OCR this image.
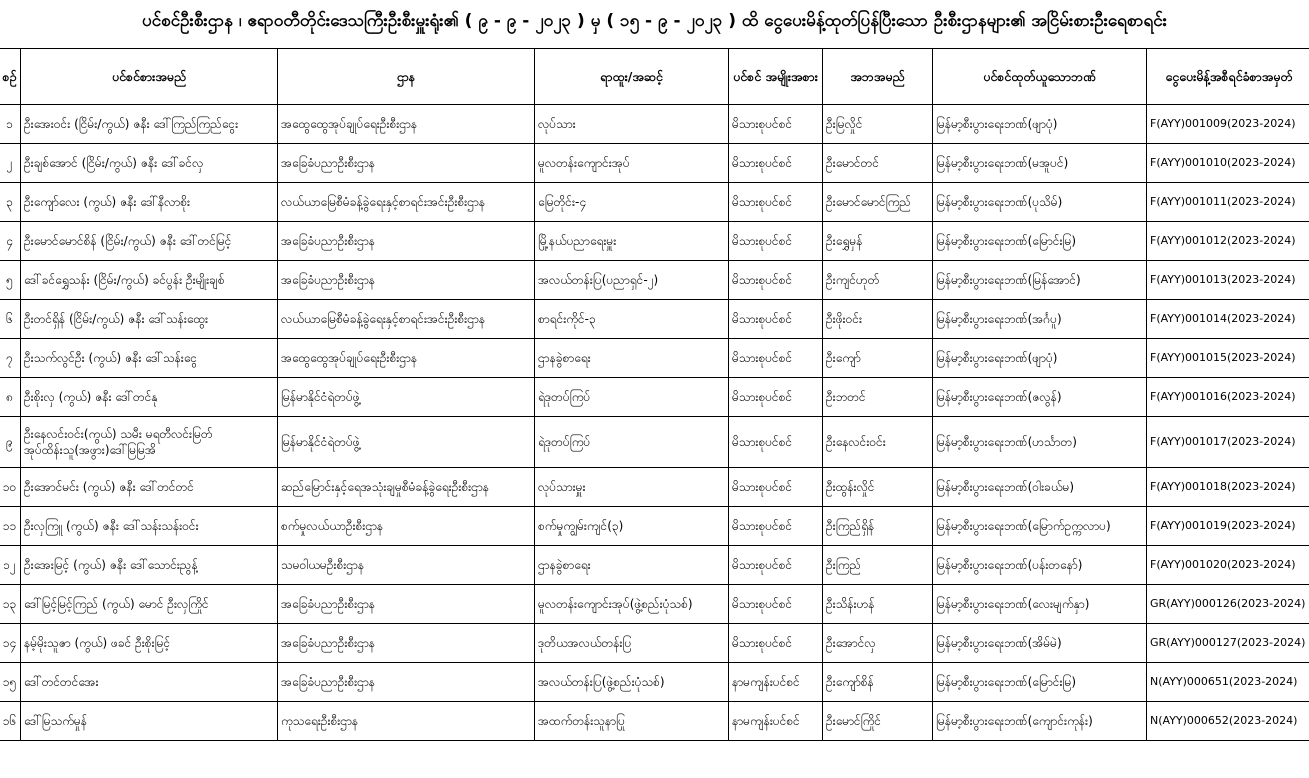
ပင်စင်ဦးစီးဌာန ၊ ဧရာဝတီတိုင်းဒေသကြီးဦးစီးမှူးရုံး၏ ( ၉ - ၉ - ၂၀၂၃ ) မှ ( ၁၅ - ၉ - ၂၀၂၃ ) ထိ ငွေပေးမိန့်ထုတ်ပြန်ပြီးသော ဦးစီးဌာနများ၏ အငြိမ်းစားဦးရေစာရင်း
စဉ်	ပင်စင်စားအမည်	ဌာန	ရာထူး/အဆင့်	ပင်စင် အမျိုးအစား	အဘအမည်	ပင်စင်ထုတ်ယူသောဘဏ်	ငွေပေးမိန့်အစီရင်ခံစာအမှတ်
၁	ဦးအေးဝင်း (ငြိမ်း/ကွယ်) ဇနီး ဒေါ်ကြည်ကြည်ငွေး	အထွေထွေအုပ်ချုပ်ရေးဦးစီးဌာန	လုပ်သား	မိသားစုပင်စင်	ဦးမြလှိုင်	မြန်မာ့စီးပွားရေးဘဏ်(ဖျာပုံ)	F(AYY)001009(2023-2024)
၂	ဦးချစ်အောင် (ငြိမ်း/ကွယ်) ဇနီး ဒေါ်ခင်လှ	အခြေခံပညာဦးစီးဌာန	မူလတန်းကျောင်းအုပ်	မိသားစုပင်စင်	ဦးမောင်တင်	မြန်မာ့စီးပွားရေးဘဏ်(မအူပင်)	F(AYY)001010(2023-2024)
၃	ဦးကျော်လေး (ကွယ်) ဇနီး ဒေါ်နီလာစိုး	လယ်ယာမြေစီမံခန့်ခွဲရေးနှင့်စာရင်းအင်းဦးစီးဌာန	မြေတိုင်း-၄	မိသားစုပင်စင်	ဦးမောင်မောင်ကြည်	မြန်မာ့စီးပွားရေးဘဏ်(ပုသိမ်)	F(AYY)001011(2023-2024)
၄	ဦးမောင်မောင်စိန် (ငြိမ်း/ကွယ်) ဇနီး ဒေါ်တင်မြင့်	အခြေခံပညာဦးစီးဌာန	မြို့နယ်ပညာရေးမှူး	မိသားစုပင်စင်	ဦးရွှေမှန်	မြန်မာ့စီးပွားရေးဘဏ်(မြောင်းမြ)	F(AYY)001012(2023-2024)
၅	ဒေါ်ခင်ရွှေသန်း (ငြိမ်း/ကွယ်) ခင်ပွန်း ဦးမျိုးချစ်	အခြေခံပညာဦးစီးဌာန	အလယ်တန်းပြ(ပညာရှင်-၂)	မိသားစုပင်စင်	ဦးကျင်ဟုတ်	မြန်မာ့စီးပွားရေးဘဏ်(မြန်အောင်)	F(AYY)001013(2023-2024)
၆	ဦးတင်ရှိန် (ငြိမ်း/ကွယ်) ဇနီး ဒေါ်သန်းထွေး	လယ်ယာမြေစီမံခန့်ခွဲရေးနှင့်စာရင်းအင်းဦးစီးဌာန	စာရင်းကိုင်-၃	မိသားစုပင်စင်	ဦးဖိုးဝင်း	မြန်မာ့စီးပွားရေးဘဏ်(အင်္ဂပူ)	F(AYY)001014(2023-2024)
၇	ဦးသက်လွင်ဦး (ကွယ်) ဇနီး ဒေါ်သန်းငွေ	အထွေထွေအုပ်ချုပ်ရေးဦးစီးဌာန	ဌာနခွဲစာရေး	မိသားစုပင်စင်	ဦးကျော်	မြန်မာ့စီးပွားရေးဘဏ်(ဖျာပုံ)	F(AYY)001015(2023-2024)
၈	ဦးစိုးလှ (ကွယ်) ဇနီး ဒေါ်တင်နု	မြန်မာနိုင်ငံရဲတပ်ဖွဲ့	ရဲဒုတပ်ကြပ်	မိသားစုပင်စင်	ဦးဘတင်	မြန်မာ့စီးပွားရေးဘဏ်(ဇလွန်)	F(AYY)001016(2023-2024)
၉	ဦးနေလင်းဝင်း(ကွယ်) သမီး မရတီလင်းမြတ် အုပ်ထိန်းသူ(အဖွား)ဒေါ်မြမြအိ	မြန်မာနိုင်ငံရဲတပ်ဖွဲ့	ရဲဒုတပ်ကြပ်	မိသားစုပင်စင်	ဦးနေလင်းဝင်း	မြန်မာ့စီးပွားရေးဘဏ်(ဟင်္သာတ)	F(AYY)001017(2023-2024)
၁၀	ဦးအောင်မင်း (ကွယ်) ဇနီး ဒေါ်တင်တင်	ဆည်မြောင်းနှင့်ရေအသုံးချမှုစီမံခန့်ခွဲရေးဦးစီးဌာန	လုပ်သားမှူး	မိသားစုပင်စင်	ဦးထွန်းလှိုင်	မြန်မာ့စီးပွားရေးဘဏ်(ဝါးခယ်မ)	F(AYY)001018(2023-2024)
၁၁	ဦးလှကြူ (ကွယ်) ဇနီး ဒေါ်သန်းသန်းဝင်း	စက်မှုလယ်ယာဦးစီးဌာန	စက်မှုကျွမ်းကျင်(၃)	မိသားစုပင်စင်	ဦးကြည်ရှိန်	မြန်မာ့စီးပွားရေးဘဏ်(မြောက်ဥက္ကလာပ)	F(AYY)001019(2023-2024)
၁၂	ဦးအေးမြင့် (ကွယ်) ဇနီး ဒေါ်သောင်းညွန့်	သမဝါယမဦးစီးဌာန	ဌာနခွဲစာရေး	မိသားစုပင်စင်	ဦးကြည်	မြန်မာ့စီးပွားရေးဘဏ်(ပန်းတနော်)	F(AYY)001020(2023-2024)
၁၃	ဒေါ်မြင့်မြင့်ကြည် (ကွယ်) မောင် ဦးလှကြိုင်	အခြေခံပညာဦးစီးဌာန	မူလတန်းကျောင်းအုပ်(ဖွဲ့စည်းပုံသစ်)	မိသားစုပင်စင်	ဦးသိန်းဟန်	မြန်မာ့စီးပွားရေးဘဏ်(လေးမျက်နှာ)	GR(AYY)000126(2023-2024)
၁၄	နမ့်မိုးသူဇာ (ကွယ်) ဖခင် ဦးစိုးမြင့်	အခြေခံပညာဦးစီးဌာန	ဒုတိယအလယ်တန်းပြ	မိသားစုပင်စင်	ဦးအောင်လှ	မြန်မာ့စီးပွားရေးဘဏ်(အိမ်မဲ)	GR(AYY)000127(2023-2024)
၁၅	ဒေါ်တင်တင်အေး	အခြေခံပညာဦးစီးဌာန	အလယ်တန်းပြ(ဖွဲ့စည်းပုံသစ်)	နာမကျန်းပင်စင်	ဦးကျော်စိန်	မြန်မာ့စီးပွားရေးဘဏ်(မြောင်းမြ)	N(AYY)000651(2023-2024)
၁၆	ဒေါ်မြသက်မှုန်	ကုသရေးဦးစီးဌာန	အထက်တန်းသူနာပြု	နာမကျန်းပင်စင်	ဦးမောင်ကြိုင်	မြန်မာ့စီးပွားရေးဘဏ်(ကျောင်းကုန်း)	N(AYY)000652(2023-2024)
